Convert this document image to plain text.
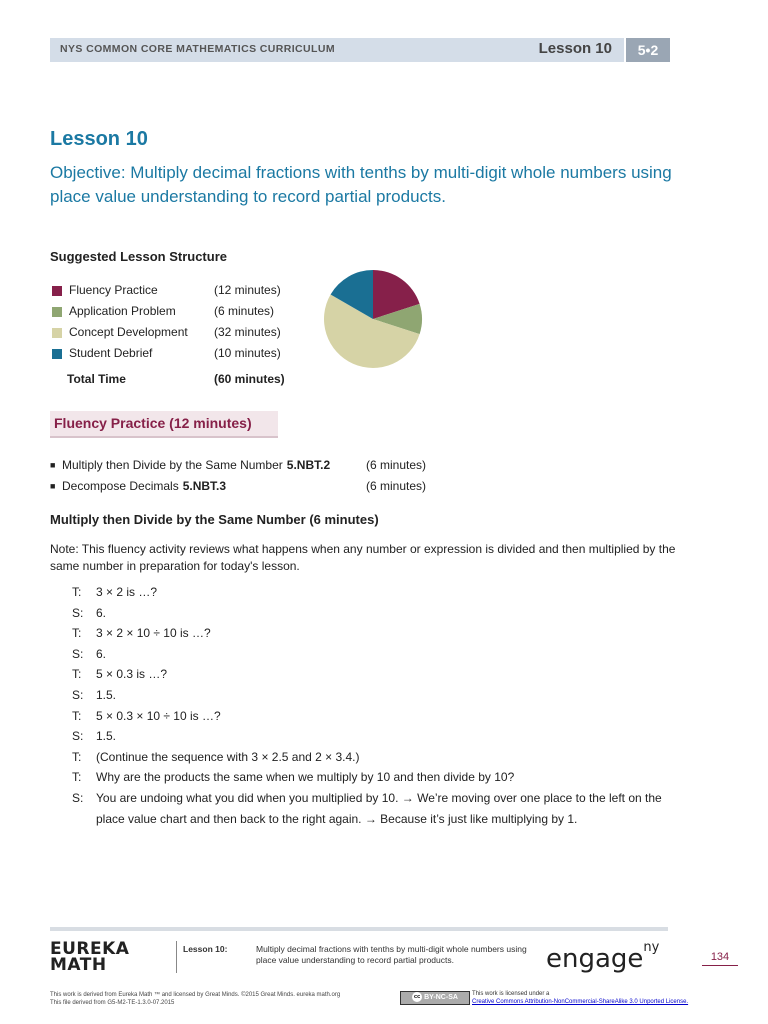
NYS COMMON CORE MATHEMATICS CURRICULUM	Lesson 10	5•2
Lesson 10
Objective: Multiply decimal fractions with tenths by multi-digit whole numbers using place value understanding to record partial products.
Suggested Lesson Structure
Fluency Practice	(12 minutes)
Application Problem	(6 minutes)
Concept Development (32 minutes)
Student Debrief	(10 minutes)
Total Time	(60 minutes)
Fluency Practice (12 minutes)
■ Multiply then Divide by the Same Number 5.NBT.2	(6 minutes)
■ Decompose Decimals 5.NBT.3	(6 minutes)
Multiply then Divide by the Same Number (6 minutes)
Note: This fluency activity reviews what happens when any number or expression is divided and then multiplied by the same number in preparation for today's lesson.
T: 3 × 2 is …?
S: 6.
T: 3 × 2 × 10 ÷ 10 is …?
S: 6.
T: 5 × 0.3 is …?
S: 1.5.
T: 5 × 0.3 × 10 ÷ 10 is …?
S: 1.5.
T: (Continue the sequence with 3 × 2.5 and 2 × 3.4.)
T: Why are the products the same when we multiply by 10 and then divide by 10?
S: You are undoing what you did when you multiplied by 10. → We’re moving over one place to the left on the place value chart and then back to the right again. → Because it’s just like multiplying by 1.
EUREKA
MATH
Lesson 10:	Multiply decimal fractions with tenths by multi-digit whole numbers using place value understanding to record partial products.	engage$^{ny}$
134
This work is derived from Eureka Math ™ and licensed by Great Minds. ©2015 Great Minds. eureka math.org
This file derived from G5-M2-TE-1.3.0-07.2015
cc BY-NC-SA	This work is licensed under a
Creative Commons Attribution-NonCommercial-ShareAlike 3.0 Unported License.
